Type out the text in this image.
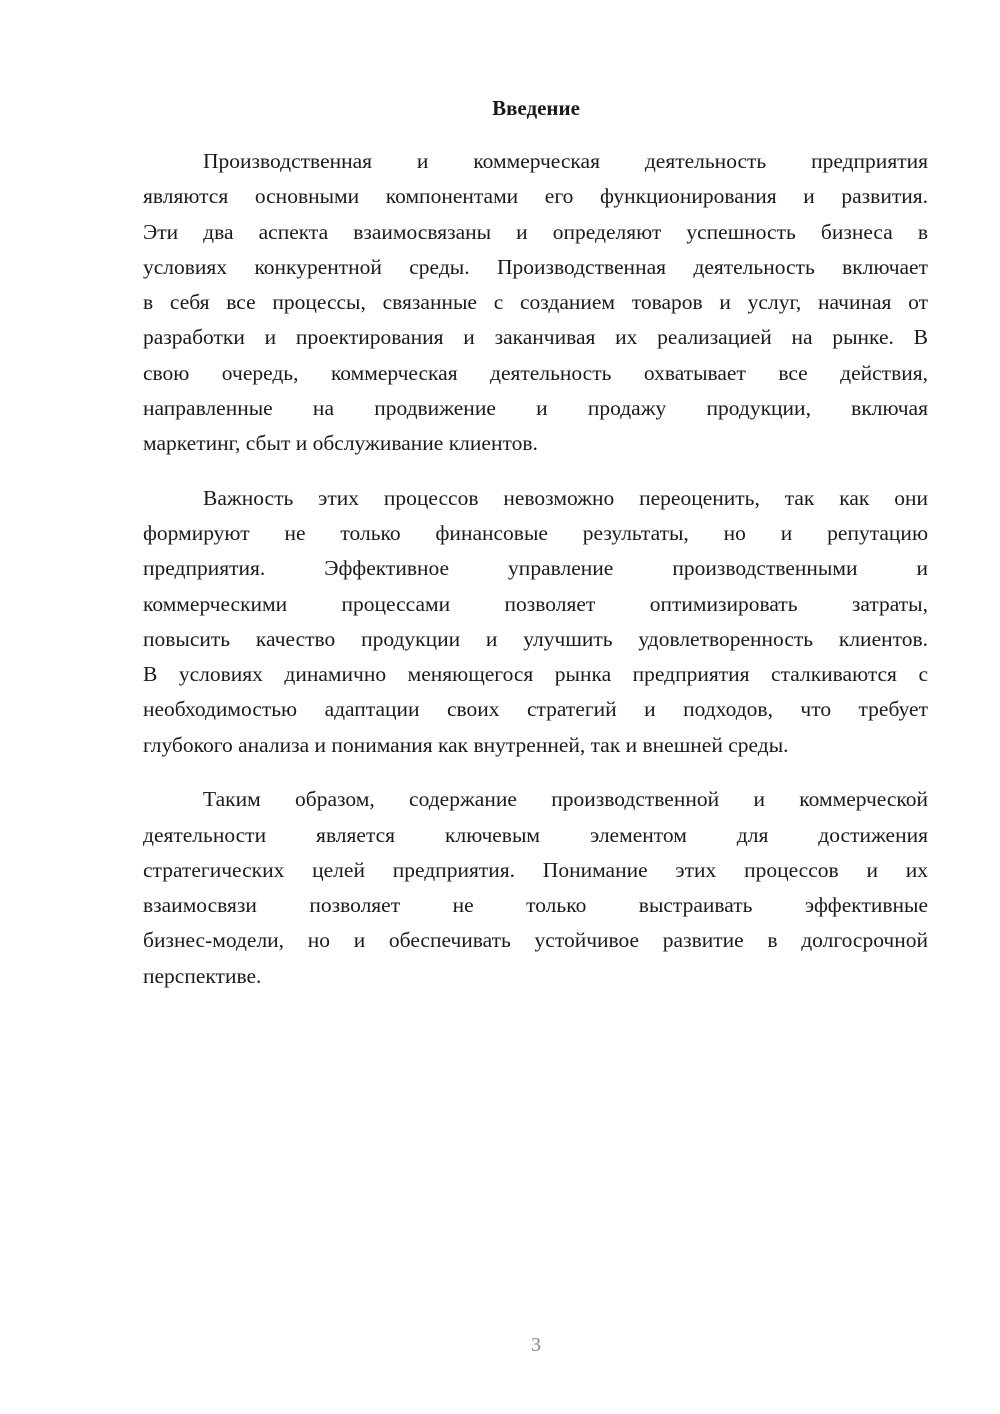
Введение
Производственная и коммерческая деятельность предприятия
являются основными компонентами его функционирования и развития.
Эти два аспекта взаимосвязаны и определяют успешность бизнеса в
условиях конкурентной среды. Производственная деятельность включает
в себя все процессы, связанные с созданием товаров и услуг, начиная от
разработки и проектирования и заканчивая их реализацией на рынке. В
свою очередь, коммерческая деятельность охватывает все действия,
направленные на продвижение и продажу продукции, включая
маркетинг, сбыт и обслуживание клиентов.
Важность этих процессов невозможно переоценить, так как они
формируют не только финансовые результаты, но и репутацию
предприятия. Эффективное управление производственными и
коммерческими процессами позволяет оптимизировать затраты,
повысить качество продукции и улучшить удовлетворенность клиентов.
В условиях динамично меняющегося рынка предприятия сталкиваются с
необходимостью адаптации своих стратегий и подходов, что требует
глубокого анализа и понимания как внутренней, так и внешней среды.
Таким образом, содержание производственной и коммерческой
деятельности является ключевым элементом для достижения
стратегических целей предприятия. Понимание этих процессов и их
взаимосвязи позволяет не только выстраивать эффективные
бизнес-модели, но и обеспечивать устойчивое развитие в долгосрочной
перспективе.
3
